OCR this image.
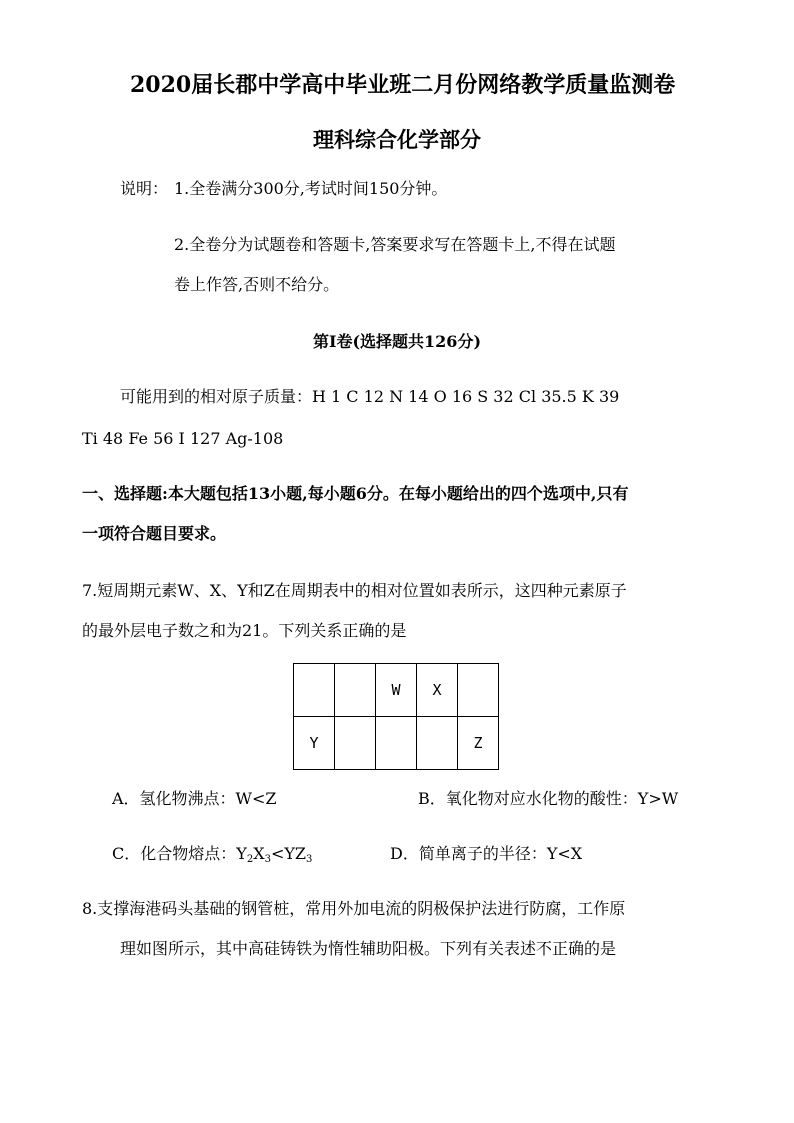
2020届长郡中学高中毕业班二月份网络教学质量监测卷
理科综合化学部分
说明： 1.全卷满分300分,考试时间150分钟。
2.全卷分为试题卷和答题卡,答案要求写在答题卡上,不得在试题
卷上作答,否则不给分。
第Ⅰ卷(选择题共126分)
可能用到的相对原子质量：H 1 C 12 N 14 O 16 S 32 Cl 35.5 K 39
Ti 48 Fe 56 I 127 Ag-108
一、选择题:本大题包括13小题,每小题6分。在每小题给出的四个选项中,只有
一项符合题目要求。
7.短周期元素W、X、Y和Z在周期表中的相对位置如表所示，这四种元素原子
的最外层电子数之和为21。下列关系正确的是
		W	X	
Y				Z
A．氢化物沸点：W<Z	B．氧化物对应水化物的酸性：Y>W
C．化合物熔点：$Y_2X_3<YZ_3$	D．简单离子的半径：Y<X
8.支撑海港码头基础的钢管桩，常用外加电流的阴极保护法进行防腐，工作原
理如图所示，其中高硅铸铁为惰性辅助阳极。下列有关表述不正确的是
